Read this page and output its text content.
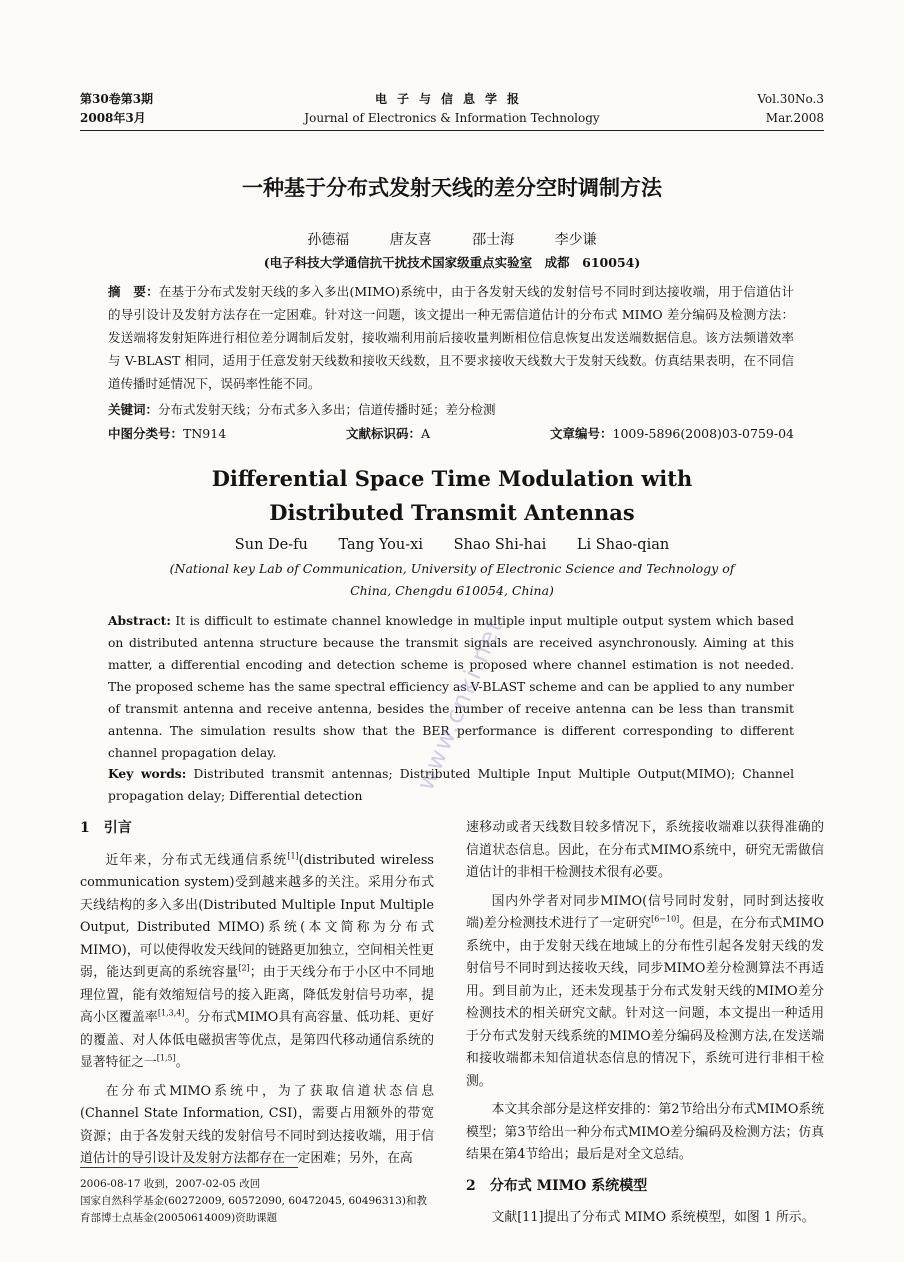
第30卷第3期
2008年3月
电子与信息学报
Journal of Electronics & Information Technology
Vol.30No.3
Mar.2008
一种基于分布式发射天线的差分空时调制方法
孙德福	唐友喜	邵士海	李少谦
(电子科技大学通信抗干扰技术国家级重点实验室　成都　610054)
摘　要：在基于分布式发射天线的多入多出(MIMO)系统中，由于各发射天线的发射信号不同时到达接收端，用于信道估计的导引设计及发射方法存在一定困难。针对这一问题，该文提出一种无需信道估计的分布式 MIMO 差分编码及检测方法：发送端将发射矩阵进行相位差分调制后发射，接收端利用前后接收量判断相位信息恢复出发送端数据信息。该方法频谱效率与 V-BLAST 相同，适用于任意发射天线数和接收天线数，且不要求接收天线数大于发射天线数。仿真结果表明，在不同信道传播时延情况下，误码率性能不同。
关键词：分布式发射天线；分布式多入多出；信道传播时延；差分检测
中图分类号：TN914	文献标识码：A	文章编号：1009-5896(2008)03-0759-04
Differential Space Time Modulation with
Distributed Transmit Antennas
Sun De-fu Tang You-xi Shao Shi-hai Li Shao-qian
(National key Lab of Communication, University of Electronic Science and Technology of
China, Chengdu 610054, China)
Abstract: It is difficult to estimate channel knowledge in multiple input multiple output system which based on distributed antenna structure because the transmit signals are received asynchronously. Aiming at this matter, a differential encoding and detection scheme is proposed where channel estimation is not needed. The proposed scheme has the same spectral efficiency as V-BLAST scheme and can be applied to any number of transmit antenna and receive antenna, besides the number of receive antenna can be less than transmit antenna. The simulation results show that the BER performance is different corresponding to different channel propagation delay.
Key words: Distributed transmit antennas; Distributed Multiple Input Multiple Output(MIMO); Channel propagation delay; Differential detection
1 引言

近年来，分布式无线通信系统[1](distributed wireless communication system)受到越来越多的关注。采用分布式天线结构的多入多出(Distributed Multiple Input Multiple Output, Distributed MIMO)系统(本文简称为分布式MIMO)，可以使得收发天线间的链路更加独立，空间相关性更弱，能达到更高的系统容量[2]；由于天线分布于小区中不同地理位置，能有效缩短信号的接入距离，降低发射信号功率，提高小区覆盖率[1,3,4]。分布式MIMO具有高容量、低功耗、更好的覆盖、对人体低电磁损害等优点，是第四代移动通信系统的显著特征之一[1,5]。

在分布式MIMO系统中，为了获取信道状态信息(Channel State Information, CSI)，需要占用额外的带宽资源；由于各发射天线的发射信号不同时到达接收端，用于信道估计的导引设计及发射方法都存在一定困难；另外，在高

速移动或者天线数目较多情况下，系统接收端难以获得准确的信道状态信息。因此，在分布式MIMO系统中，研究无需做信道估计的非相干检测技术很有必要。

国内外学者对同步MIMO(信号同时发射，同时到达接收端)差分检测技术进行了一定研究[6−10]。但是，在分布式MIMO系统中，由于发射天线在地域上的分布性引起各发射天线的发射信号不同时到达接收天线，同步MIMO差分检测算法不再适用。到目前为止，还未发现基于分布式发射天线的MIMO差分检测技术的相关研究文献。针对这一问题，本文提出一种适用于分布式发射天线系统的MIMO差分编码及检测方法,在发送端和接收端都未知信道状态信息的情况下，系统可进行非相干检测。

本文其余部分是这样安排的：第2节给出分布式MIMO系统模型；第3节给出一种分布式MIMO差分编码及检测方法；仿真结果在第4节给出；最后是对全文总结。

2 分布式 MIMO 系统模型

文献[11]提出了分布式 MIMO 系统模型，如图 1 所示。

2006-08-17 收到，2007-02-05 改回
国家自然科学基金(60272009, 60572090, 60472045, 60496313)和教育部博士点基金(20050614009)资助课题
www.cnki.net
